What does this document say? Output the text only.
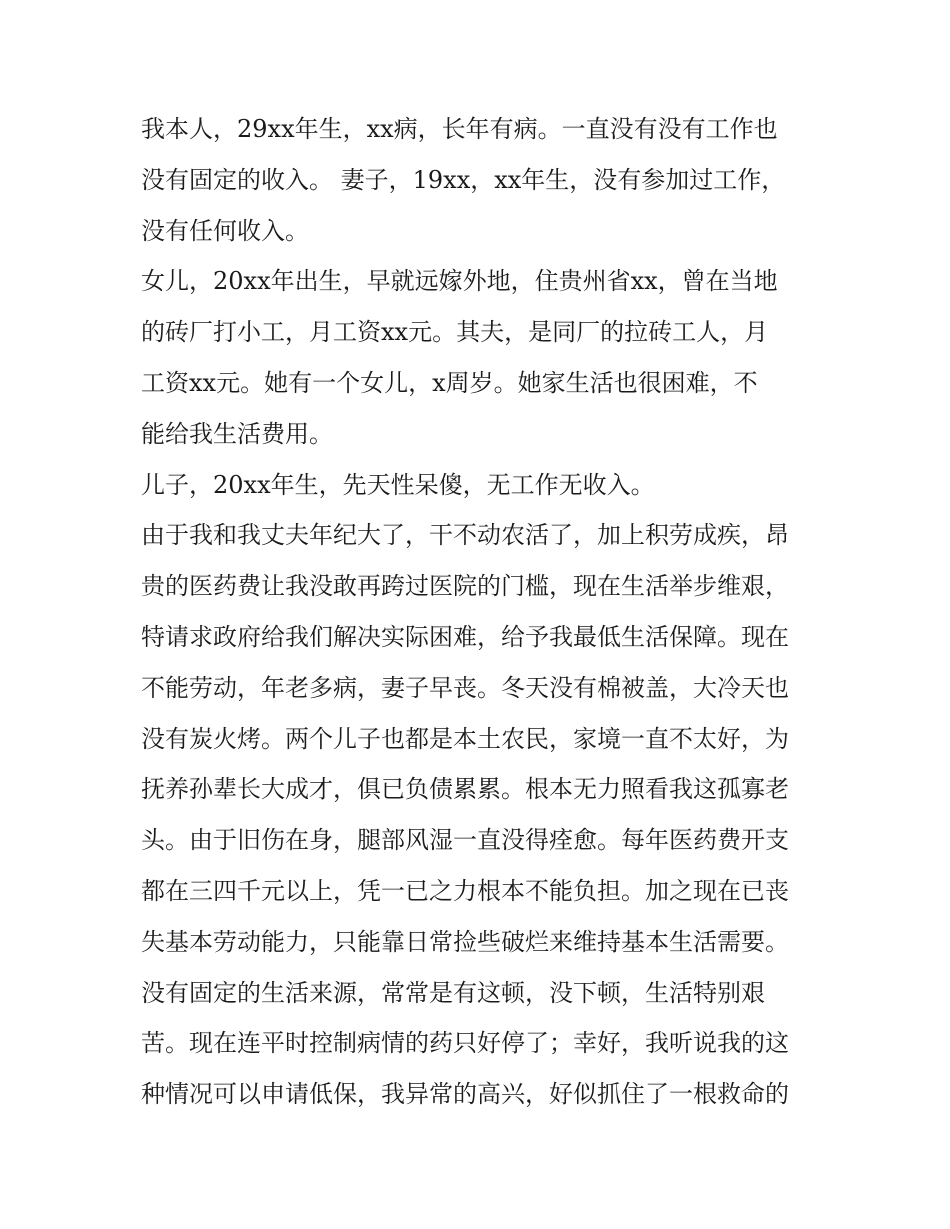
我本人，29xx年生，xx病，长年有病。一直没有没有工作也
没有固定的收入。 妻子，19xx，xx年生，没有参加过工作，
没有任何收入。
女儿，20xx年出生，早就远嫁外地，住贵州省xx，曾在当地
的砖厂打小工，月工资xx元。其夫，是同厂的拉砖工人，月
工资xx元。她有一个女儿，x周岁。她家生活也很困难，不
能给我生活费用。
儿子，20xx年生，先天性呆傻，无工作无收入。
由于我和我丈夫年纪大了，干不动农活了，加上积劳成疾，昂
贵的医药费让我没敢再跨过医院的门槛，现在生活举步维艰，
特请求政府给我们解决实际困难，给予我最低生活保障。现在
不能劳动，年老多病，妻子早丧。冬天没有棉被盖，大冷天也
没有炭火烤。两个儿子也都是本土农民，家境一直不太好，为
抚养孙辈长大成才，俱已负债累累。根本无力照看我这孤寡老
头。由于旧伤在身，腿部风湿一直没得痊愈。每年医药费开支
都在三四千元以上，凭一已之力根本不能负担。加之现在已丧
失基本劳动能力，只能靠日常捡些破烂来维持基本生活需要。
没有固定的生活来源，常常是有这顿，没下顿，生活特别艰
苦。现在连平时控制病情的药只好停了；幸好，我听说我的这
种情况可以申请低保，我异常的高兴，好似抓住了一根救命的
